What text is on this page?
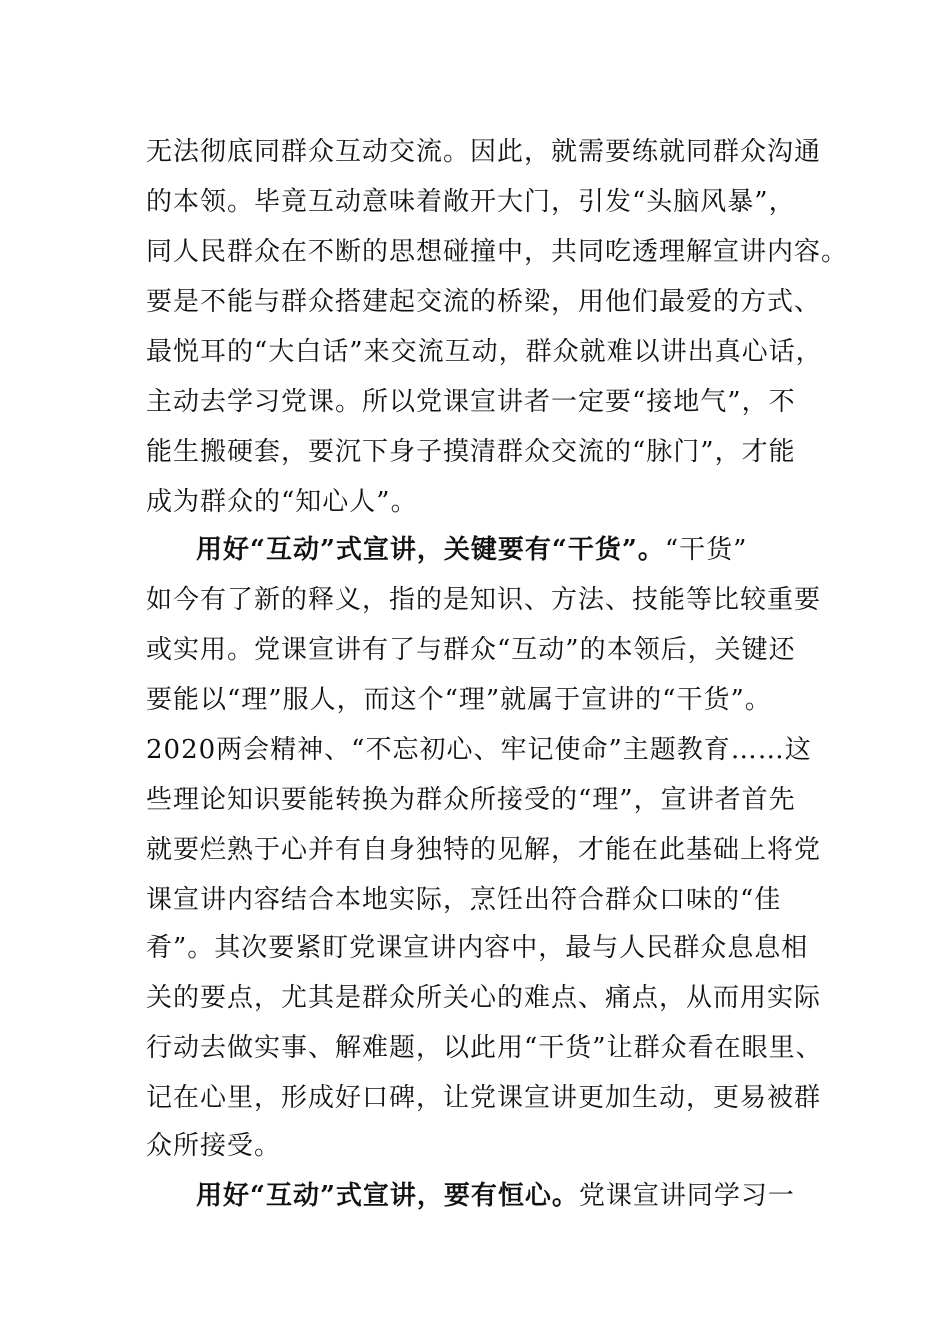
无法彻底同群众互动交流。因此，就需要练就同群众沟通
的本领。毕竟互动意味着敞开大门，引发“头脑风暴”，
同人民群众在不断的思想碰撞中，共同吃透理解宣讲内容。
要是不能与群众搭建起交流的桥梁，用他们最爱的方式、
最悦耳的“大白话”来交流互动，群众就难以讲出真心话，
主动去学习党课。所以党课宣讲者一定要“接地气”，不
能生搬硬套，要沉下身子摸清群众交流的“脉门”，才能
成为群众的“知心人”。
用好“互动”式宣讲，关键要有“干货”。“干货”
如今有了新的释义，指的是知识、方法、技能等比较重要
或实用。党课宣讲有了与群众“互动”的本领后，关键还
要能以“理”服人，而这个“理”就属于宣讲的“干货”。
2020两会精神、“不忘初心、牢记使命”主题教育……这
些理论知识要能转换为群众所接受的“理”，宣讲者首先
就要烂熟于心并有自身独特的见解，才能在此基础上将党
课宣讲内容结合本地实际，烹饪出符合群众口味的“佳
肴”。其次要紧盯党课宣讲内容中，最与人民群众息息相
关的要点，尤其是群众所关心的难点、痛点，从而用实际
行动去做实事、解难题，以此用“干货”让群众看在眼里、
记在心里，形成好口碑，让党课宣讲更加生动，更易被群
众所接受。
用好“互动”式宣讲，要有恒心。党课宣讲同学习一
